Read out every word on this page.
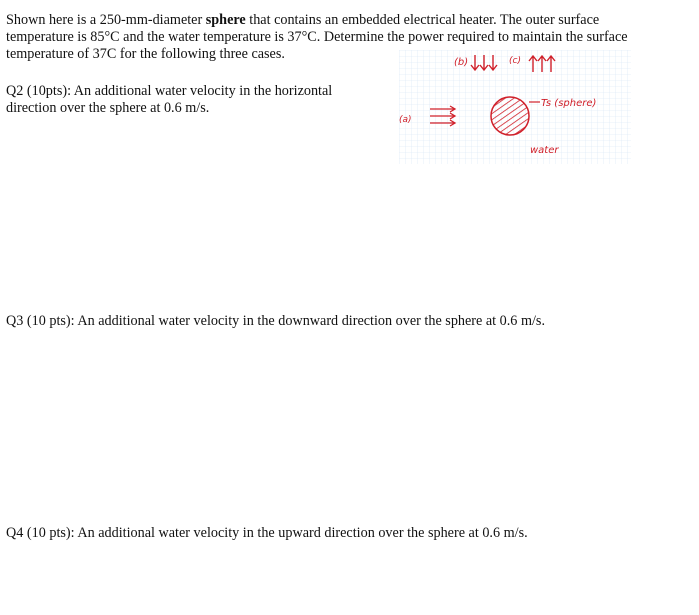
Shown here is a 250-mm-diameter sphere that contains an embedded electrical heater. The outer surface temperature is 85°C and the water temperature is 37°C. Determine the power required to maintain the surface temperature of 37C for the following three cases.
Q2 (10pts): An additional water velocity in the horizontal direction over the sphere at 0.6 m/s.
(b)	(c)
(a)
Ts (sphere)
water
Q3 (10 pts): An additional water velocity in the downward direction over the sphere at 0.6 m/s.
Q4 (10 pts): An additional water velocity in the upward direction over the sphere at 0.6 m/s.
